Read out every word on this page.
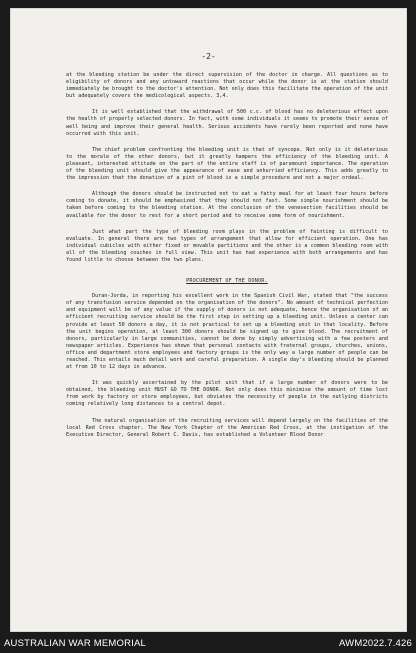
-2-

at the bleeding station be under the direct supervision of the doctor in charge. All questions as to eligibility of donors and any untoward reactions that occur while the donor is at the station should immediately be brought to the doctor's attention. Not only does this facilitate the operation of the unit but adequately covers the medicological aspects. 3,4.

It is well established that the withdrawal of 500 c.c. of blood has no deleterious effect upon the health of properly selected donors. In fact, with some individuals it seems to promote their sense of well being and improve their general health. Serious accidents have rarely been reported and none have occurred with this unit.

The chief problem confronting the bleeding unit is that of syncope. Not only is it deleterious to the morale of the other donors, but it greatly hampers the efficiency of the bleeding unit. A pleasant, interested attitude on the part of the entire staff is of paramount importance. The operation of the bleeding unit should give the appearance of ease and unhurried efficiency. This adds greatly to the impression that the donation of a pint of blood is a simple procedure and not a major ordeal.

Although the donors should be instructed not to eat a fatty meal for at least four hours before coming to donate, it should be emphasized that they should not fast. Some simple nourishment should be taken before coming to the bleeding station. At the conclusion of the venesection facilities should be available for the donor to rest for a short period and to receive some form of nourishment.

Just what part the type of bleeding room plays in the problem of fainting is difficult to evaluate. In general there are two types of arrangement that allow for efficient operation. One has individual cubicles with either fixed or movable partitions and the other is a common bleeding room with all of the bleeding couches in full view. This unit has had experience with both arrangements and has found little to choose between the two plans.

PROCUREMENT OF THE DONOR.

Duran-Jorda, in reporting his excellent work in the Spanish Civil War, stated that "the success of any transfusion service depended on the organisation of the donors". No amount of technical perfection and equipment will be of any value if the supply of donors is not adequate, hence the organisation of an efficient recruiting service should be the first step in setting up a bleeding unit. Unless a center can provide at least 50 donors a day, it is not practical to set up a bleeding unit in that locality. Before the unit begins operation, at least 300 donors should be signed up to give blood. The recruitment of donors, particularly in large communities, cannot be done by simply advertising with a few posters and newspaper articles. Experience has shown that personal contacts with fraternal groups, churches, unions, office and department store employees and factory groups is the only way a large number of people can be reached. This entails much detail work and careful preparation. A single day's bleeding should be planned at from 10 to 12 days in advance.

It was quickly ascertained by the pilot unit that if a large number of donors were to be obtained, the bleeding unit MUST GO TO THE DONOR. Not only does this minimise the amount of time lost from work by factory or store employees, but obviates the necessity of people in the outlying districts coming relatively long distances to a central depot.

The natural organisation of the recruiting services will depend largely on the facilities of the local Red Cross chapter. The New York Chapter of the American Red Cross, at the instigation of the Executive Director, General Robert C. Davis, has established a Volunteer Blood Donor

AUSTRALIAN WAR MEMORIAL	AWM2022.7.426
